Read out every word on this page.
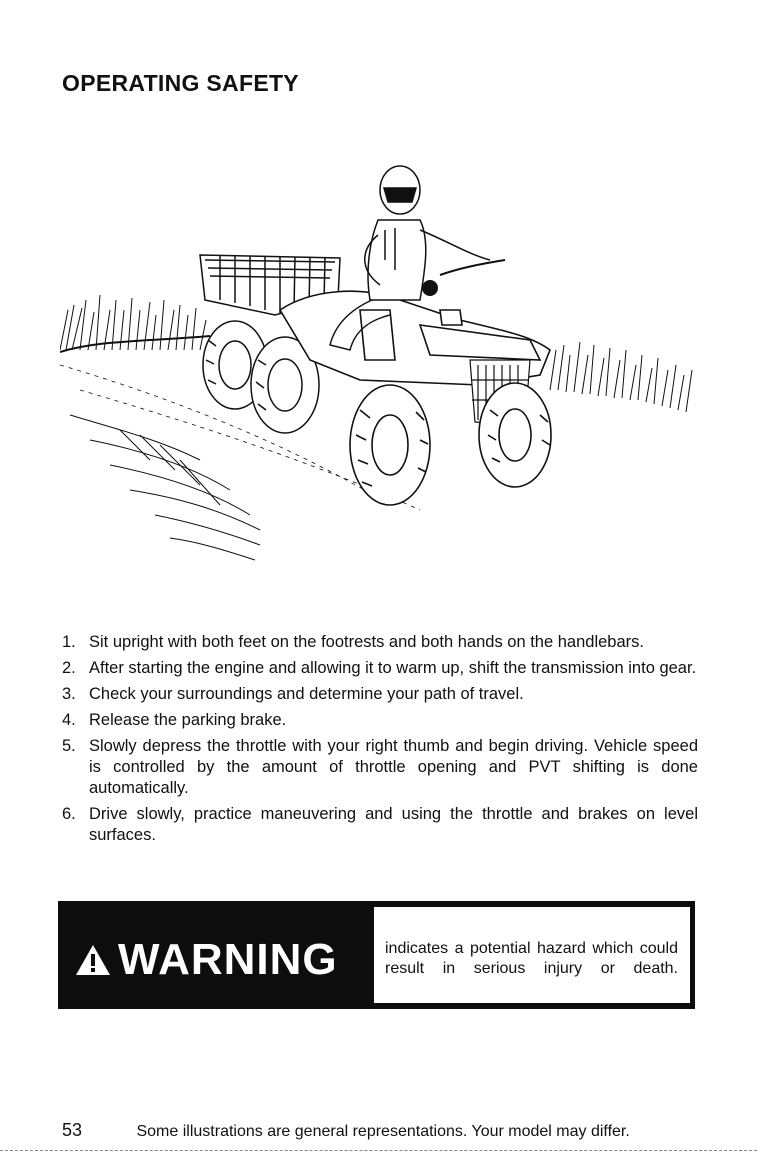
OPERATING SAFETY
1. Sit upright with both feet on the footrests and both hands on the handlebars.
2. After starting the engine and allowing it to warm up, shift the transmission into gear.
3. Check your surroundings and determine your path of travel.
4. Release the parking brake.
5. Slowly depress the throttle with your right thumb and begin driving. Vehicle speed is controlled by the amount of throttle opening and PVT shifting is done automatically.
6. Drive slowly, practice maneuvering and using the throttle and brakes on level surfaces.
WARNING	indicates a potential hazard which could result in serious injury or death.
53	Some illustrations are general representations. Your model may differ.
